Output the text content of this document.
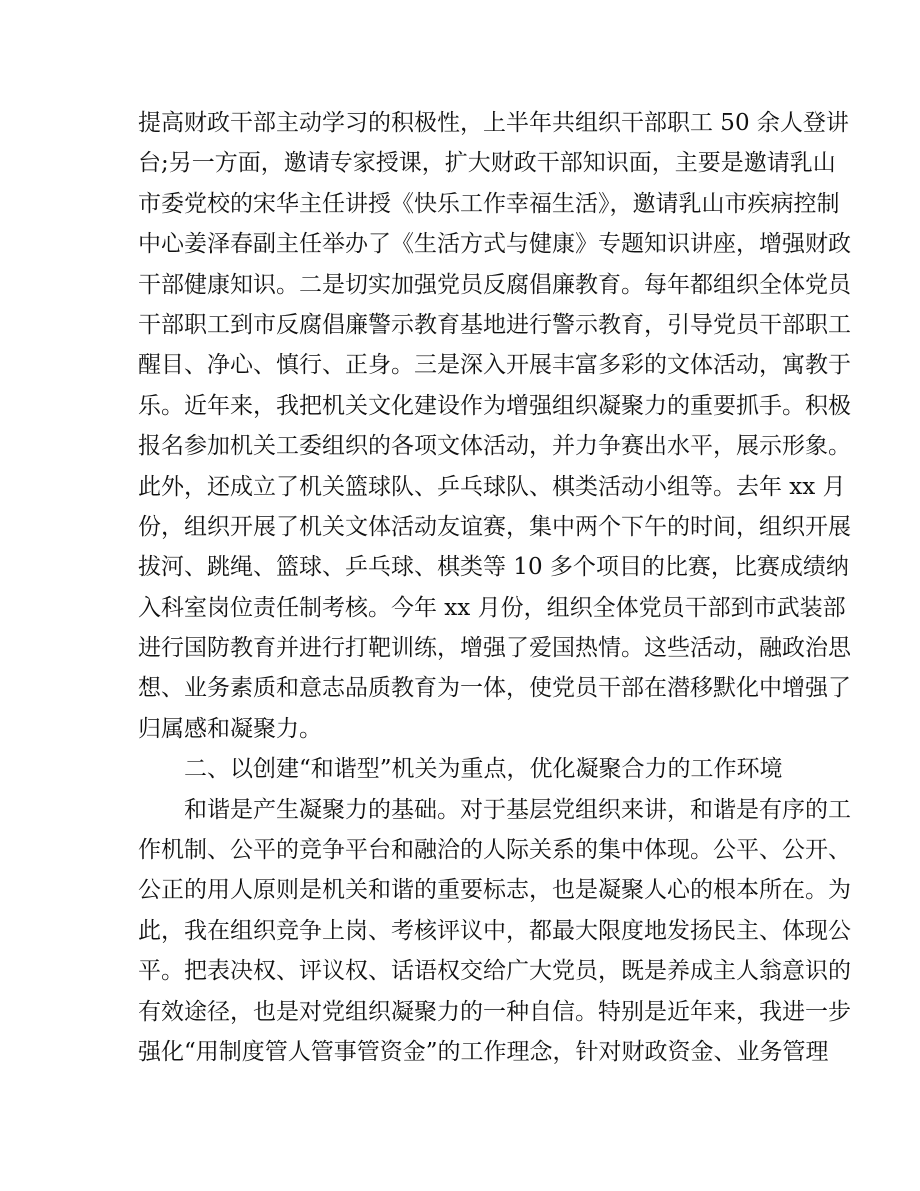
提高财政干部主动学习的积极性，上半年共组织干部职工 50 余人登讲
台;另一方面，邀请专家授课，扩大财政干部知识面，主要是邀请乳山
市委党校的宋华主任讲授《快乐工作幸福生活》，邀请乳山市疾病控制
中心姜泽春副主任举办了《生活方式与健康》专题知识讲座，增强财政
干部健康知识。二是切实加强党员反腐倡廉教育。每年都组织全体党员
干部职工到市反腐倡廉警示教育基地进行警示教育，引导党员干部职工
醒目、净心、慎行、正身。三是深入开展丰富多彩的文体活动，寓教于
乐。近年来，我把机关文化建设作为增强组织凝聚力的重要抓手。积极
报名参加机关工委组织的各项文体活动，并力争赛出水平，展示形象。
此外，还成立了机关篮球队、乒乓球队、棋类活动小组等。去年 xx 月
份，组织开展了机关文体活动友谊赛，集中两个下午的时间，组织开展
拔河、跳绳、篮球、乒乓球、棋类等 10 多个项目的比赛，比赛成绩纳
入科室岗位责任制考核。今年 xx 月份，组织全体党员干部到市武装部
进行国防教育并进行打靶训练，增强了爱国热情。这些活动，融政治思
想、业务素质和意志品质教育为一体，使党员干部在潜移默化中增强了
归属感和凝聚力。
二、以创建“和谐型”机关为重点，优化凝聚合力的工作环境
和谐是产生凝聚力的基础。对于基层党组织来讲，和谐是有序的工
作机制、公平的竞争平台和融洽的人际关系的集中体现。公平、公开、
公正的用人原则是机关和谐的重要标志，也是凝聚人心的根本所在。为
此，我在组织竞争上岗、考核评议中，都最大限度地发扬民主、体现公
平。把表决权、评议权、话语权交给广大党员，既是养成主人翁意识的
有效途径，也是对党组织凝聚力的一种自信。特别是近年来，我进一步
强化“用制度管人管事管资金”的工作理念，针对财政资金、业务管理
